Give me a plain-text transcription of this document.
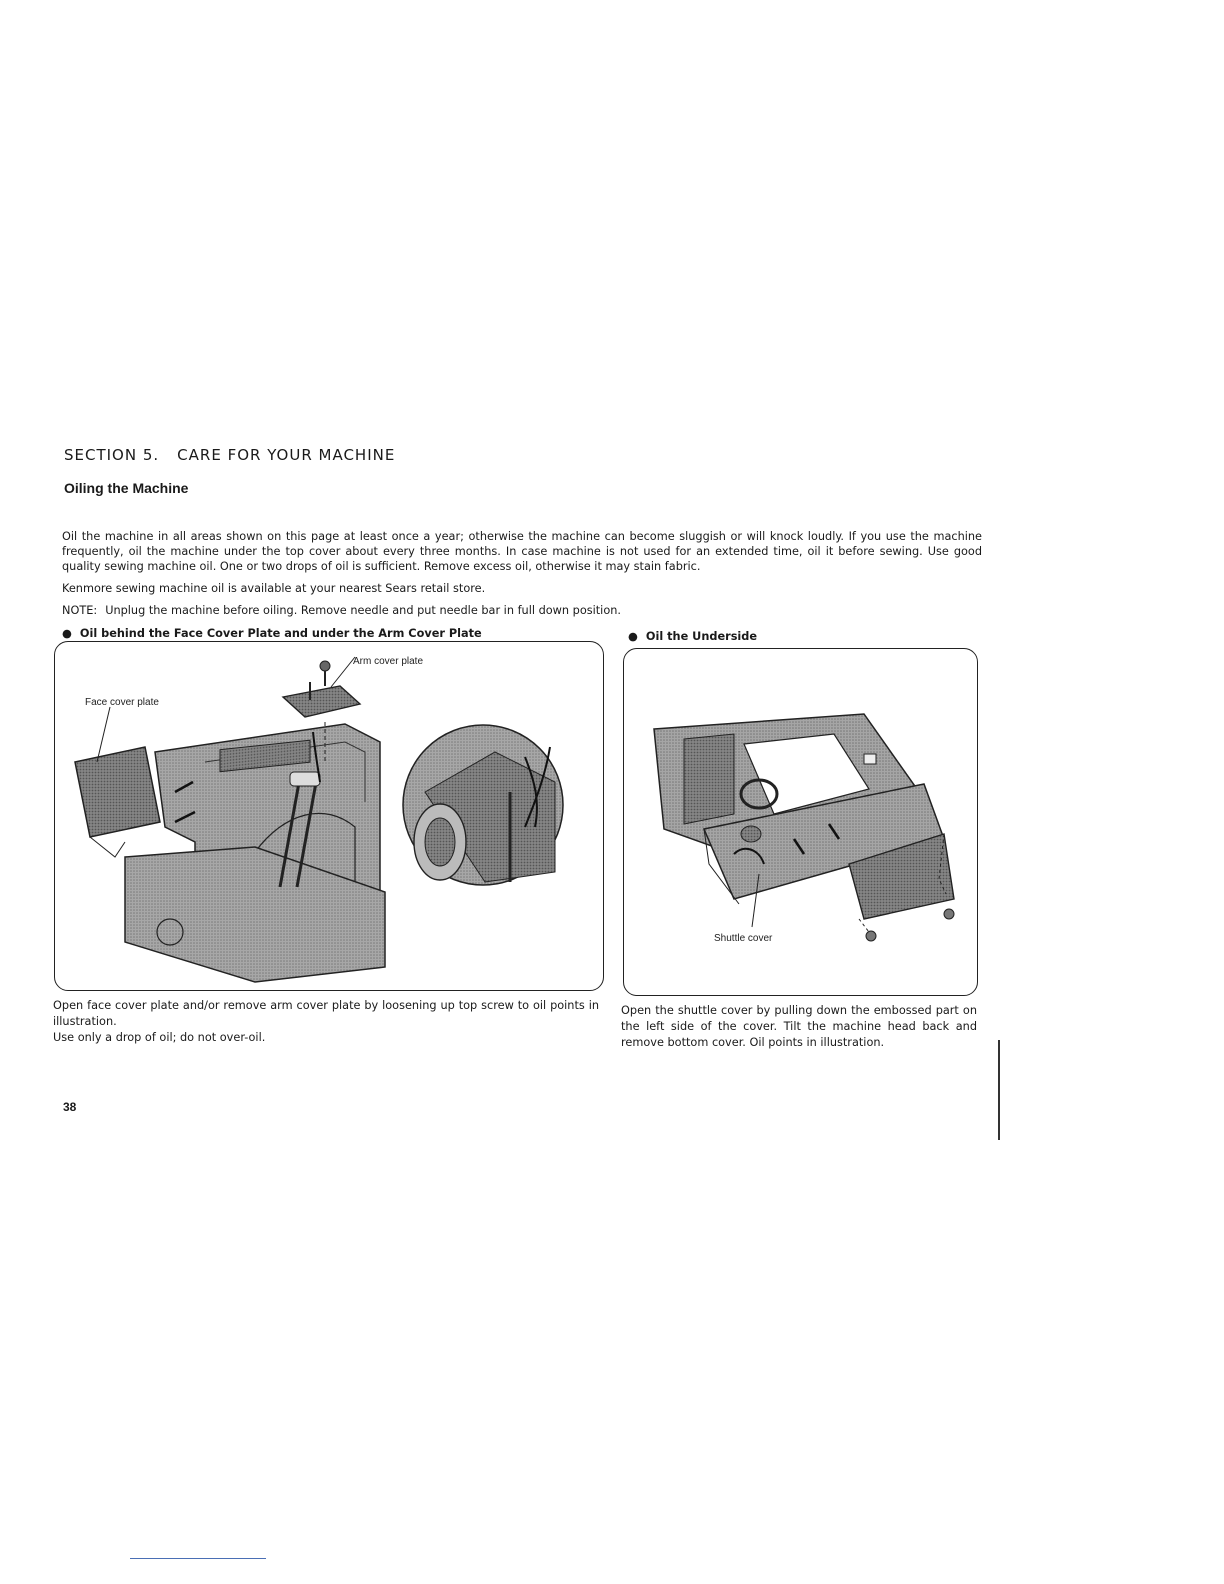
SECTION 5. CARE FOR YOUR MACHINE
Oiling the Machine
Oil the machine in all areas shown on this page at least once a year; otherwise the machine can become sluggish or will knock loudly. If you use the machine frequently, oil the machine under the top cover about every three months. In case machine is not used for an extended time, oil it before sewing. Use good quality sewing machine oil. One or two drops of oil is sufficient. Remove excess oil, otherwise it may stain fabric.
Kenmore sewing machine oil is available at your nearest Sears retail store.
NOTE: Unplug the machine before oiling. Remove needle and put needle bar in full down position.
● Oil behind the Face Cover Plate and under the Arm Cover Plate	● Oil the Underside
Face cover plate
Arm cover plate
Shuttle cover
Open face cover plate and/or remove arm cover plate by loosening up top screw to oil points in illustration.
Use only a drop of oil; do not over-oil.
Open the shuttle cover by pulling down the embossed part on the left side of the cover. Tilt the machine head back and remove bottom cover. Oil points in illustration.
38
